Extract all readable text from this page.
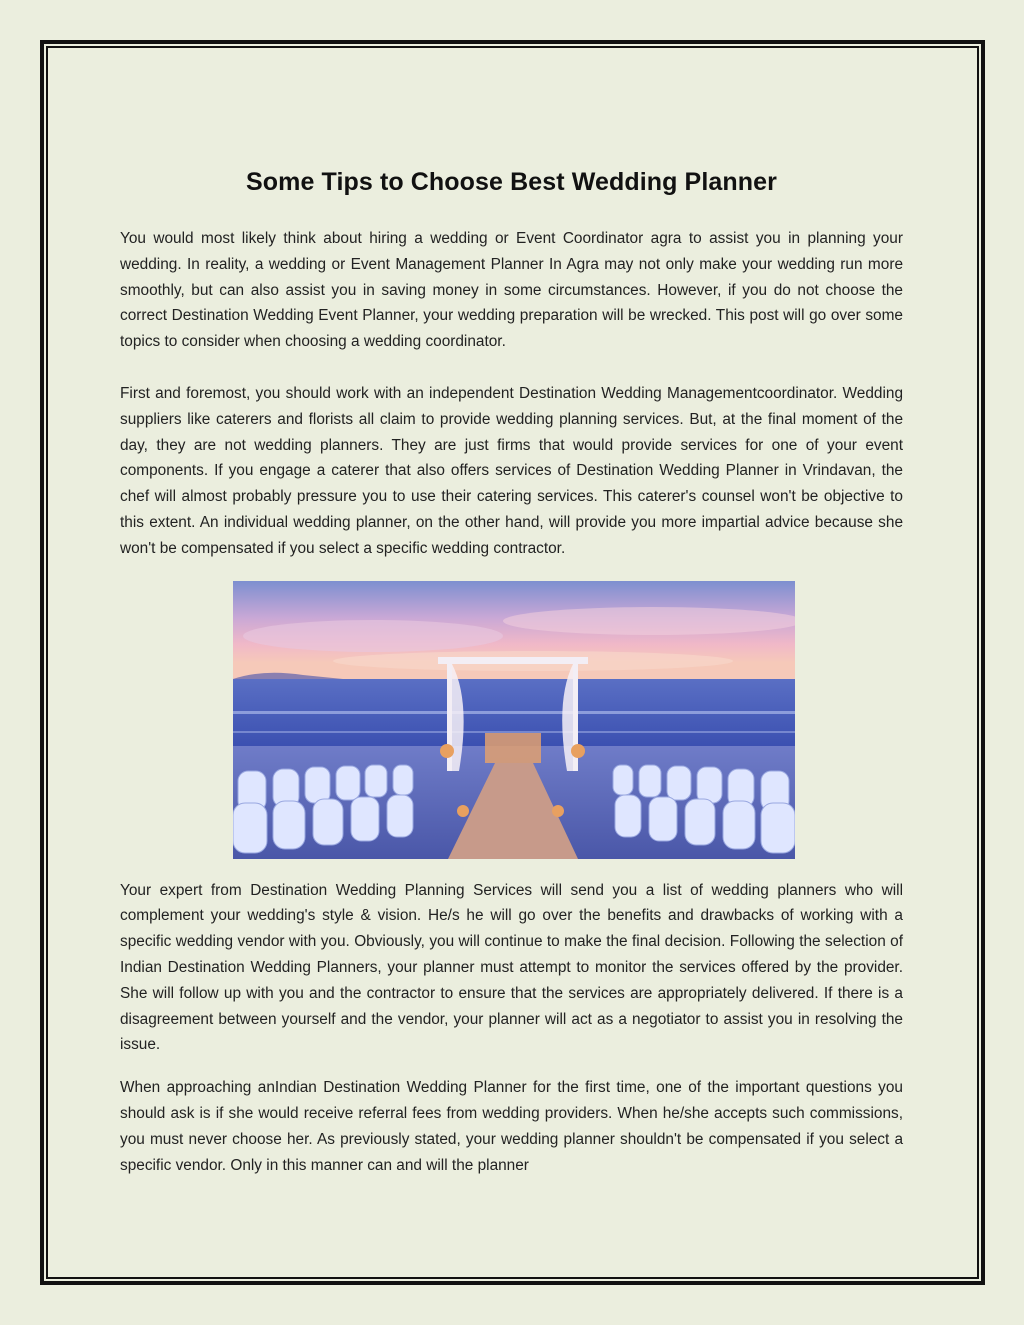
Some Tips to Choose Best Wedding Planner

You would most likely think about hiring a wedding or Event Coordinator agra to assist you in planning your wedding. In reality, a wedding or Event Management Planner In Agra may not only make your wedding run more smoothly, but can also assist you in saving money in some circumstances. However, if you do not choose the correct Destination Wedding Event Planner, your wedding preparation will be wrecked. This post will go over some topics to consider when choosing a wedding coordinator.

First and foremost, you should work with an independent Destination Wedding Managementcoordinator. Wedding suppliers like caterers and florists all claim to provide wedding planning services. But, at the final moment of the day, they are not wedding planners. They are just firms that would provide services for one of your event components. If you engage a caterer that also offers services of Destination Wedding Planner in Vrindavan, the chef will almost probably pressure you to use their catering services. This caterer's counsel won't be objective to this extent. An individual wedding planner, on the other hand, will provide you more impartial advice because she won't be compensated if you select a specific wedding contractor.

Your expert from Destination Wedding Planning Services will send you a list of wedding planners who will complement your wedding's style & vision. He/s he will go over the benefits and drawbacks of working with a specific wedding vendor with you. Obviously, you will continue to make the final decision. Following the selection of Indian Destination Wedding Planners, your planner must attempt to monitor the services offered by the provider. She will follow up with you and the contractor to ensure that the services are appropriately delivered. If there is a disagreement between yourself and the vendor, your planner will act as a negotiator to assist you in resolving the issue.

When approaching anIndian Destination Wedding Planner for the first time, one of the important questions you should ask is if she would receive referral fees from wedding providers. When he/she accepts such commissions, you must never choose her. As previously stated, your wedding planner shouldn't be compensated if you select a specific vendor. Only in this manner can and will the planner
